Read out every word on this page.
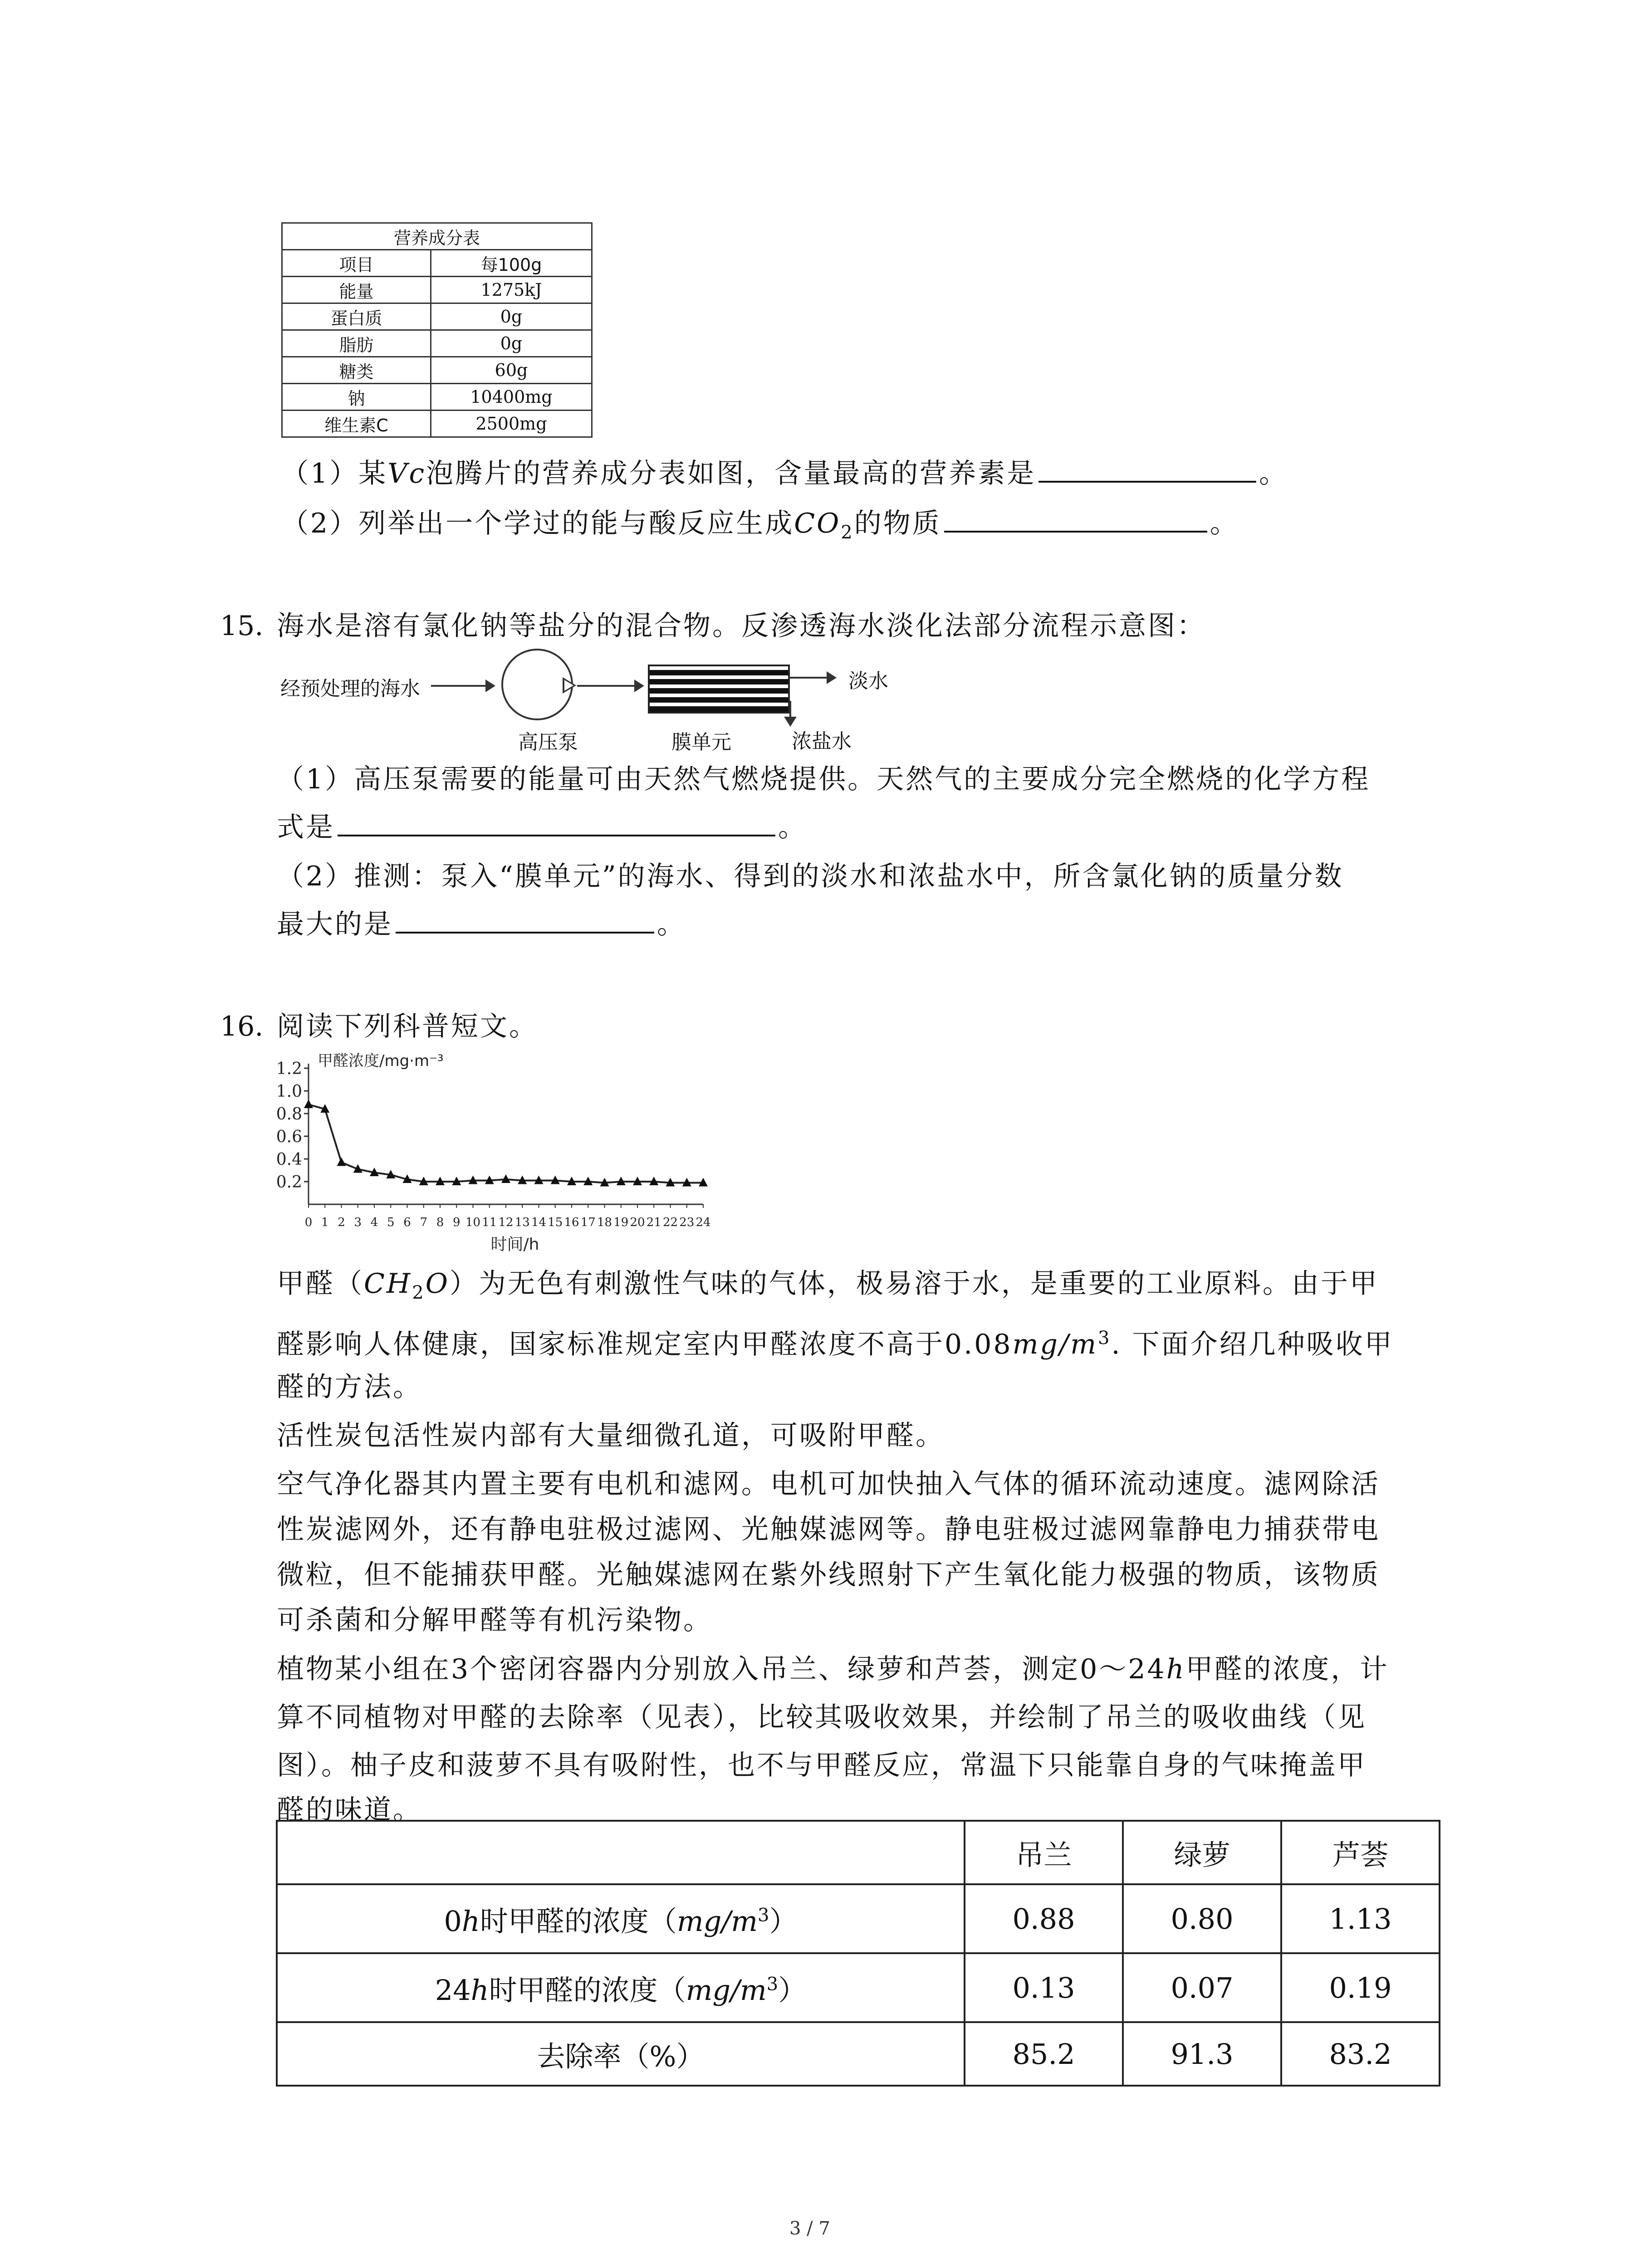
营养成分表	
项目	每100g
能量	1275kJ
蛋白质	0g
脂肪	0g
糖类	60g
钠	10400mg
维生素C	2500mg
（1）某Vc泡腾片的营养成分表如图，含量最高的营养素是	。
（2）列举出一个学过的能与酸反应生成$CO_2$的物质	。
15. 海水是溶有氯化钠等盐分的混合物。反渗透海水淡化法部分流程示意图：
经预处理的海水
高压泵	膜单元
淡水
浓盐水
（1）高压泵需要的能量可由天然气燃烧提供。天然气的主要成分完全燃烧的化学方程
式是	。
（2）推测：泵入“膜单元”的海水、得到的淡水和浓盐水中，所含氯化钠的质量分数
最大的是	。
16. 阅读下列科普短文。
0.2
0.4
0.6
0.8
1.0
1.2
0 1 2 3 4 5 6 7 8 9 10 11 12 13 14 15 16 17 18 19 20 21 22 23 24
甲醛浓度/mg·m⁻³
时间/h
甲醛$(CH_2O)$为无色有刺激性气味的气体，极易溶于水，是重要的工业原料。由于甲
醛影响人体健康，国家标准规定室内甲醛浓度不高于$0.08mg/m^3$. 下面介绍几种吸收甲
醛的方法。
活性炭包活性炭内部有大量细微孔道，可吸附甲醛。
空气净化器其内置主要有电机和滤网。电机可加快抽入气体的循环流动速度。滤网除活
性炭滤网外，还有静电驻极过滤网、光触媒滤网等。静电驻极过滤网靠静电力捕获带电
微粒，但不能捕获甲醛。光触媒滤网在紫外线照射下产生氧化能力极强的物质，该物质
可杀菌和分解甲醛等有机污染物。
植物某小组在3个密闭容器内分别放入吊兰、绿萝和芦荟，测定0～24h甲醛的浓度，计
算不同植物对甲醛的去除率（见表），比较其吸收效果，并绘制了吊兰的吸收曲线（见
图）。柚子皮和菠萝不具有吸附性，也不与甲醛反应，常温下只能靠自身的气味掩盖甲
醛的味道。
	吊兰	绿萝	芦荟
0h时甲醛的浓度$(mg/m^3)$	0.88	0.80	1.13
24h时甲醛的浓度$(mg/m^3)$	0.13	0.07	0.19
去除率（%）	85.2	91.3	83.2
3 / 7
